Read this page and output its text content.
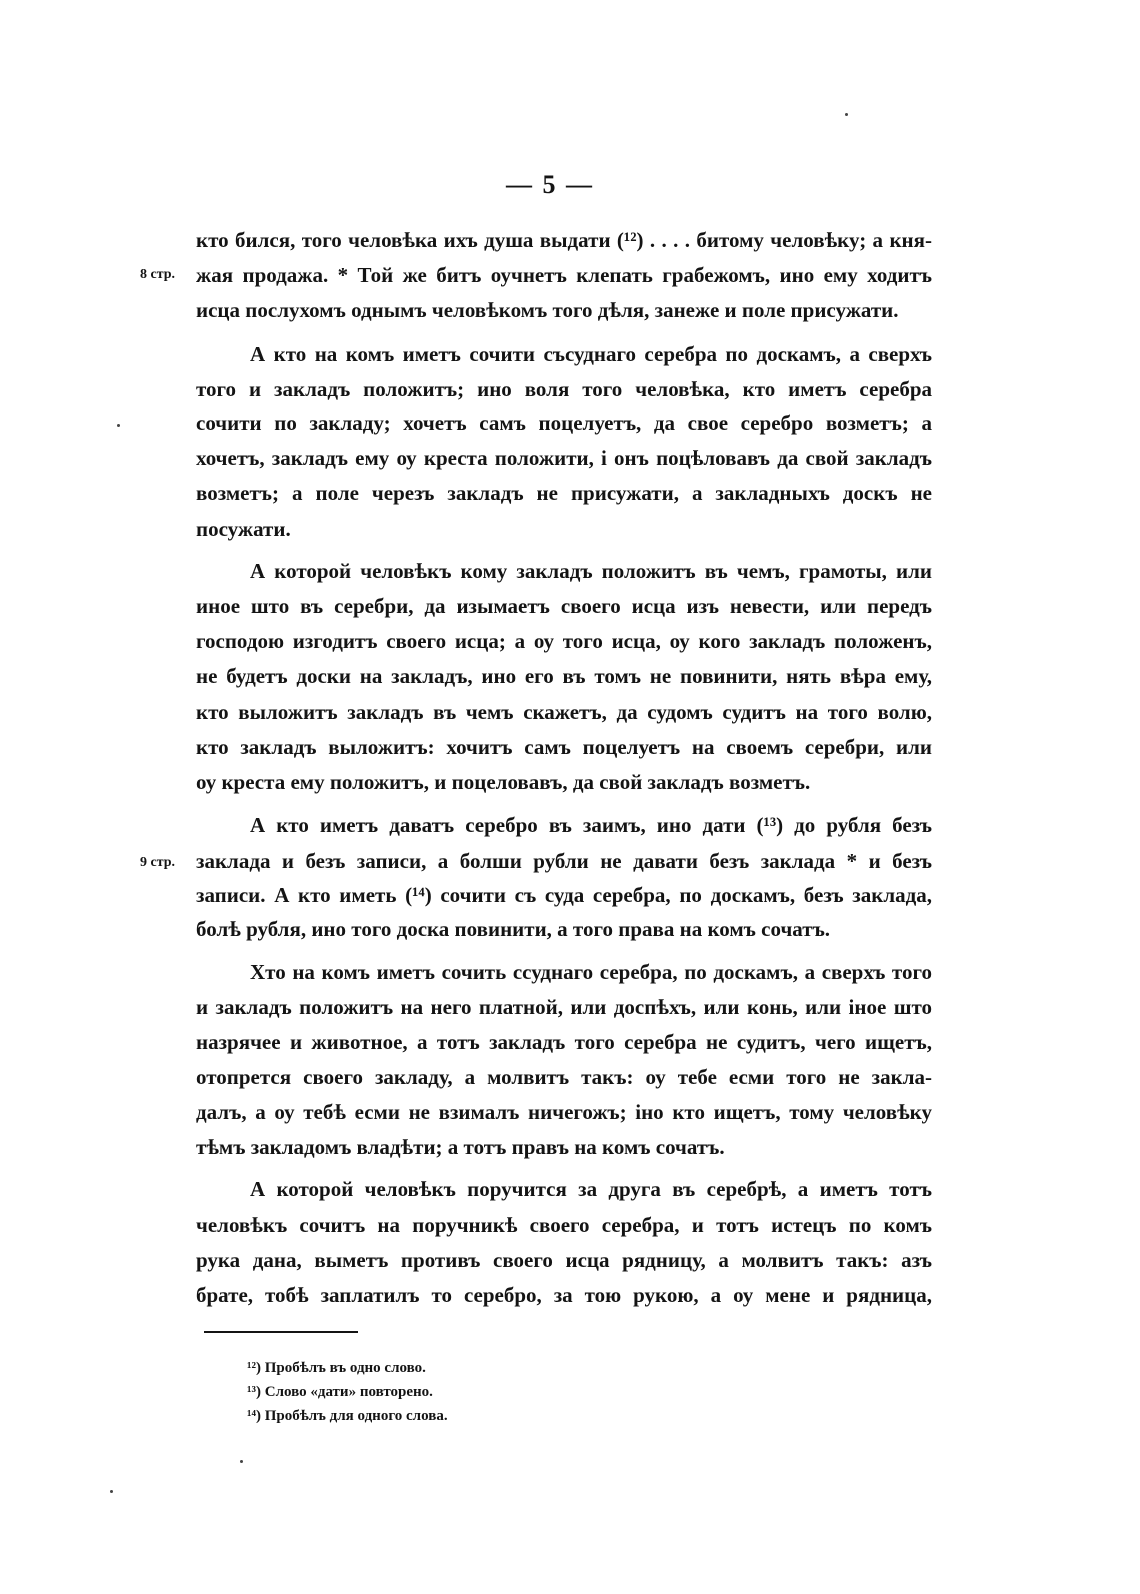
— 5 —
8 стр.
9 стр.
кто бился, того человѣка ихъ душа выдати (¹²) . . . . битому человѣку; а кня-
жая продажа. * Той же битъ оучнетъ клепать грабежомъ, ино ему ходитъ
исца послухомъ однымъ человѣкомъ того дѣля, занеже и поле присужати.
А кто на комъ иметъ сочити съсуднаго серебра по доскамъ, а сверхъ
того и закладъ положитъ; ино воля того человѣка, кто иметъ серебра
сочити по закладу; хочетъ самъ поцелуетъ, да свое серебро возметъ; а
хочетъ, закладъ ему оу креста положити, і онъ поцѣловавъ да свой закладъ
возметъ; а поле черезъ закладъ не присужати, а закладныхъ доскъ не
посужати.
А которой человѣкъ кому закладъ положитъ въ чемъ, грамоты, или
иное што въ серебри, да изымаетъ своего исца изъ невести, или передъ
господою изгодитъ своего исца; а оу того исца, оу кого закладъ положенъ,
не будетъ доски на закладъ, ино его въ томъ не повинити, нять вѣра ему,
кто выложитъ закладъ въ чемъ скажетъ, да судомъ судитъ на того волю,
кто закладъ выложитъ: хочитъ самъ поцелуетъ на своемъ серебри, или
оу креста ему положитъ, и поцеловавъ, да свой закладъ возметъ.
А кто иметъ даватъ серебро въ заимъ, ино дати (¹³) до рубля безъ
заклада и безъ записи, а болши рубли не давати безъ заклада * и безъ
записи. А кто иметь (¹⁴) сочити съ суда серебра, по доскамъ, безъ заклада,
болѣ рубля, ино того доска повинити, а того права на комъ сочатъ.
Хто на комъ иметъ сочить ссуднаго серебра, по доскамъ, а сверхъ того
и закладъ положитъ на него платной, или доспѣхъ, или конь, или іное што
назрячее и животное, а тотъ закладъ того серебра не судитъ, чего ищетъ,
отопрется своего закладу, а молвитъ такъ: оу тебе есми того не закла-
далъ, а оу тебѣ есми не взималъ ничегожъ; іно кто ищетъ, тому человѣку
тѣмъ закладомъ владѣти; а тотъ правъ на комъ сочатъ.
А которой человѣкъ поручится за друга въ серебрѣ, а иметъ тотъ
человѣкъ сочитъ на поручникѣ своего серебра, и тотъ истецъ по комъ
рука дана, выметъ противъ своего исца рядницу, а молвитъ такъ: азъ
брате, тобѣ заплатилъ то серебро, за тою рукою, а оу мене и рядница,
¹²) Пробѣлъ въ одно слово.
¹³) Слово «дати» повторено.
¹⁴) Пробѣлъ для одного слова.
